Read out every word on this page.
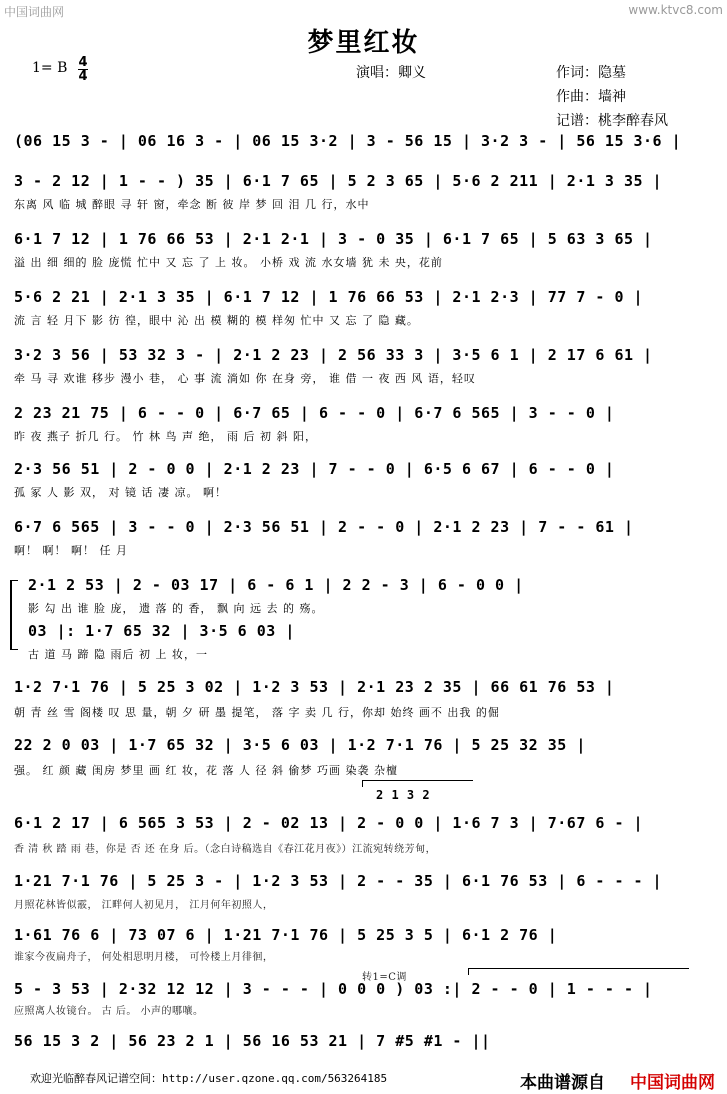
中国词曲网	www.ktvc8.com
梦里红妆
1= B 4
4	演唱：卿义	作词：隐墓
作曲：墙神
记谱：桃李醉春风
(06 15 3 - | 06 16 3 - | 06 15 3·2 | 3 - 56 15 | 3·2 3 - | 56 15 3·6 |
3 - 2 12 | 1 - - ) 35 | 6·1 7 65 | 5 2 3 65 | 5·6 2 211 | 2·1 3 35 |
东离 风 临 城 醉眼 寻 轩 窗，牵念 断 彼 岸 梦 回 泪 几 行，水中
6·1 7 12 | 1 76 66 53 | 2·1 2·1 | 3 - 0 35 | 6·1 7 65 | 5 63 3 65 |
溢 出 细 细的 脸 庞慌 忙中 又 忘 了 上 妆。 小桥 戏 流 水女墙 犹 未 央，花前
5·6 2 21 | 2·1 3 35 | 6·1 7 12 | 1 76 66 53 | 2·1 2·3 | 77 7 - 0 |
流 言 轻 月下 影 彷 徨，眼中 沁 出 模 糊的 模 样匆 忙中 又 忘 了 隐 藏。
3·2 3 56 | 53 32 3 - | 2·1 2 23 | 2 56 33 3 | 3·5 6 1 | 2 17 6 61 |
牵 马 寻 欢谁 移步 漫小 巷， 心 事 流 淌如 你 在身 旁， 谁 借 一 夜 西 风 语，轻叹
2 23 21 75 | 6 - - 0 | 6·7 65 | 6 - - 0 | 6·7 6 565 | 3 - - 0 |
昨 夜 燕子 折几 行。 竹 林 鸟 声 绝， 雨 后 初 斜 阳，
2·3 56 51 | 2 - 0 0 | 2·1 2 23 | 7 - - 0 | 6·5 6 67 | 6 - - 0 |
孤 冢 人 影 双， 对 镜 话 凄 凉。 啊！
6·7 6 565 | 3 - - 0 | 2·3 56 51 | 2 - - 0 | 2·1 2 23 | 7 - - 61 |
啊！ 啊！ 啊！ 任 月
2·1 2 53 | 2 - 03 17 | 6 - 6 1 | 2 2 - 3 | 6 - 0 0 |
影 勾 出 谁 脸 庞， 遗 落 的 香， 飘 向 远 去 的 殇。
03 |: 1·7 65 32 | 3·5 6 03 |
古 道 马 蹄 隐 雨后 初 上 妆，一
1·2 7·1 76 | 5 25 3 02 | 1·2 3 53 | 2·1 23 2 35 | 66 61 76 53 |
朝 青 丝 雪 阁楼 叹 思 量，朝 夕 研 墨 提笔， 落 字 卖 几 行，你却 始终 画不 出我 的倔
22 2 0 03 | 1·7 65 32 | 3·5 6 03 | 1·2 7·1 76 | 5 25 32 35 |
强。 红 颜 藏 闺房 梦里 画 红 妆，花 落 人 径 斜 偷梦 巧画 染袭 杂檀
2 1 3 2
6·1 2 17 | 6 565 3 53 | 2 - 02 13 | 2 - 0 0 | 1·6 7 3 | 7·67 6 - |
香 清 秋 踏 雨 巷，你是 否 还 在身 后。（念白诗稿选自《春江花月夜》）江流宛转绕芳甸，
1·21 7·1 76 | 5 25 3 - | 1·2 3 53 | 2 - - 35 | 6·1 76 53 | 6 - - - |
月照花林皆似霰， 江畔何人初见月， 江月何年初照人，
1·61 76 6 | 73 07 6 | 1·21 7·1 76 | 5 25 3 5 | 6·1 2 76 |
谁家今夜扁舟子， 何处相思明月楼， 可怜楼上月徘徊，
转1=C调
5 - 3 53 | 2·32 12 12 | 3 - - - | 0 0 0 ) 03 :| 2 - - 0 | 1 - - - |
应照离人妆镜台。 古 后。 小声的哪嚷。
56 15 3 2 | 56 23 2 1 | 56 16 53 21 | 7 #5 #1 - ||
欢迎光临醉春风记谱空间：http://user.qzone.qq.com/563264185	本曲谱源自 中国词曲网
